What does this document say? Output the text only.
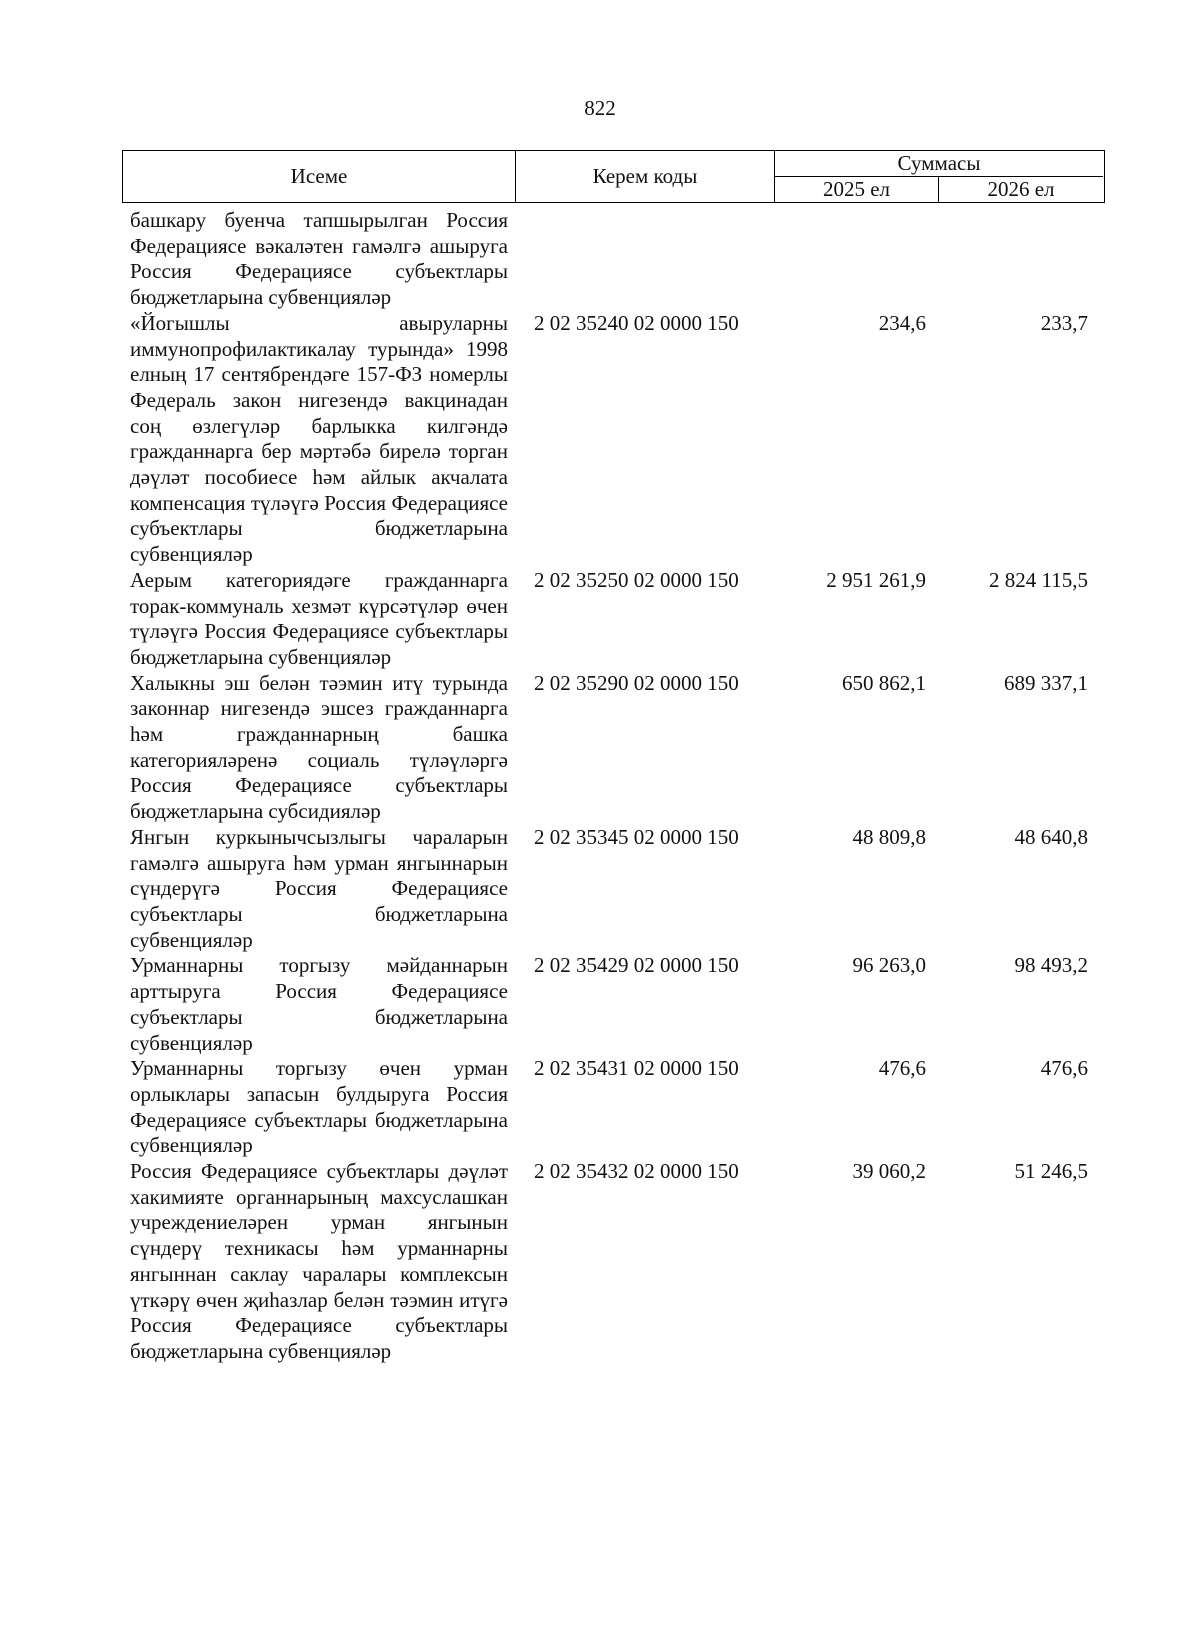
822
Исеме	Керем коды
Суммасы
2025 ел	2026 ел
башкару буенча тапшырылган Россия Федерациясе вәкаләтен гамәлгә ашыруга Россия Федерациясе субъектлары бюджетларына субвенцияләр
«Йогышлы авыруларны иммунопрофилактикалау турында» 1998 елның 17 сентябрендәге 157-ФЗ номерлы Федераль закон нигезендә вакцинадан соң өзлегүләр барлыкка килгәндә гражданнарга бер мәртәбә бирелә торган дәүләт пособиесе һәм айлык акчалата компенсация түләүгә Россия Федерациясе субъектлары бюджетларына субвенцияләр
2 02 35240 02 0000 150	234,6	233,7
Аерым категориядәге гражданнарга торак-коммуналь хезмәт күрсәтүләр өчен түләүгә Россия Федерациясе субъектлары бюджетларына субвенцияләр
2 02 35250 02 0000 150	2 951 261,9	2 824 115,5
Халыкны эш белән тәэмин итү турында законнар нигезендә эшсез гражданнарга һәм гражданнарның башка категорияләренә социаль түләүләргә Россия Федерациясе субъектлары бюджетларына субсидияләр
2 02 35290 02 0000 150	650 862,1	689 337,1
Янгын куркынычсызлыгы чараларын гамәлгә ашыруга һәм урман янгыннарын сүндерүгә Россия Федерациясе субъектлары бюджетларына субвенцияләр
2 02 35345 02 0000 150	48 809,8	48 640,8
Урманнарны торгызу мәйданнарын арттыруга Россия Федерациясе субъектлары бюджетларына субвенцияләр
2 02 35429 02 0000 150	96 263,0	98 493,2
Урманнарны торгызу өчен урман орлыклары запасын булдыруга Россия Федерациясе субъектлары бюджетларына субвенцияләр
2 02 35431 02 0000 150	476,6	476,6
Россия Федерациясе субъектлары дәүләт хакимияте органнарының махсуслашкан учреждениеләрен урман янгынын сүндерү техникасы һәм урманнарны янгыннан саклау чаралары комплексын үткәрү өчен җиһазлар белән тәэмин итүгә Россия Федерациясе субъектлары бюджетларына субвенцияләр
2 02 35432 02 0000 150	39 060,2	51 246,5
